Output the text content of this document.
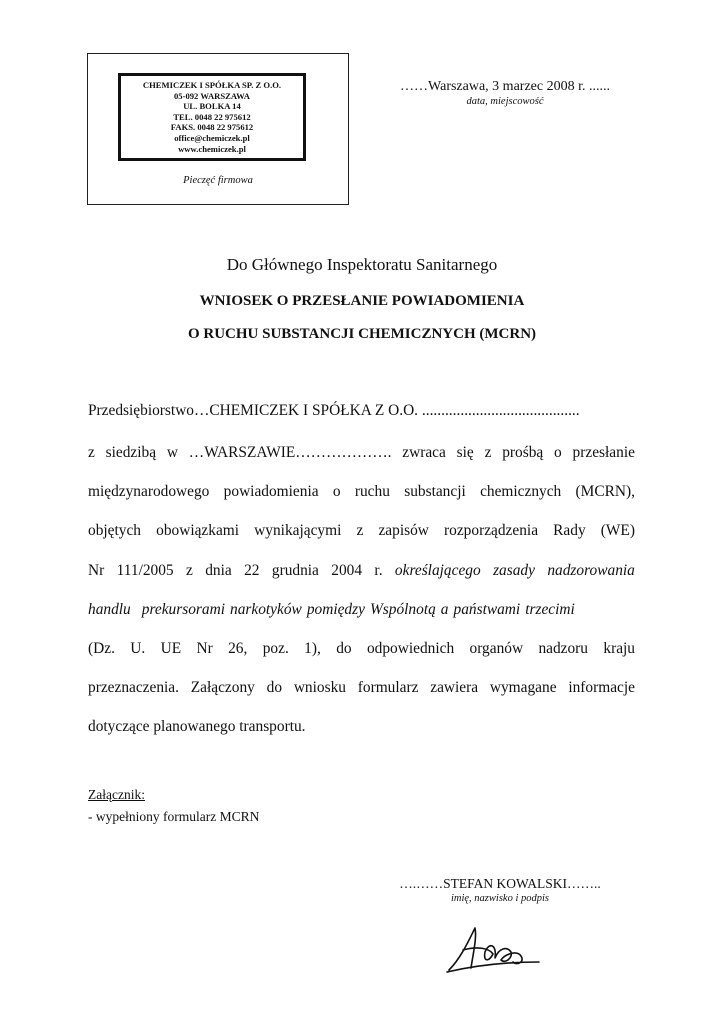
CHEMICZEK I SPÓŁKA SP. Z O.O.
05-092 WARSZAWA
UL. BOLKA 14
TEL. 0048 22 975612
FAKS. 0048 22 975612
office@chemiczek.pl
www.chemiczek.pl
Pieczęć firmowa
……Warszawa, 3 marzec 2008 r. ......
data, miejscowość
Do Głównego Inspektoratu Sanitarnego
WNIOSEK O PRZESŁANIE POWIADOMIENIA
O RUCHU SUBSTANCJI CHEMICZNYCH (MCRN)
Przedsiębiorstwo…CHEMICZEK I SPÓŁKA Z O.O. .........................................
z siedzibą w …WARSZAWIE………………. zwraca się z prośbą o przesłanie
międzynarodowego powiadomienia o ruchu substancji chemicznych (MCRN),
objętych obowiązkami wynikającymi z zapisów rozporządzenia Rady (WE)
Nr 111/2005 z dnia 22 grudnia 2004 r. określającego zasady nadzorowania
handlu prekursorami narkotyków pomiędzy Wspólnotą a państwami trzecimi
(Dz. U. UE Nr 26, poz. 1), do odpowiednich organów nadzoru kraju
przeznaczenia. Załączony do wniosku formularz zawiera wymagane informacje
dotyczące planowanego transportu.
Załącznik:
- wypełniony formularz MCRN
….……STEFAN KOWALSKI……..
imię, nazwisko i podpis
